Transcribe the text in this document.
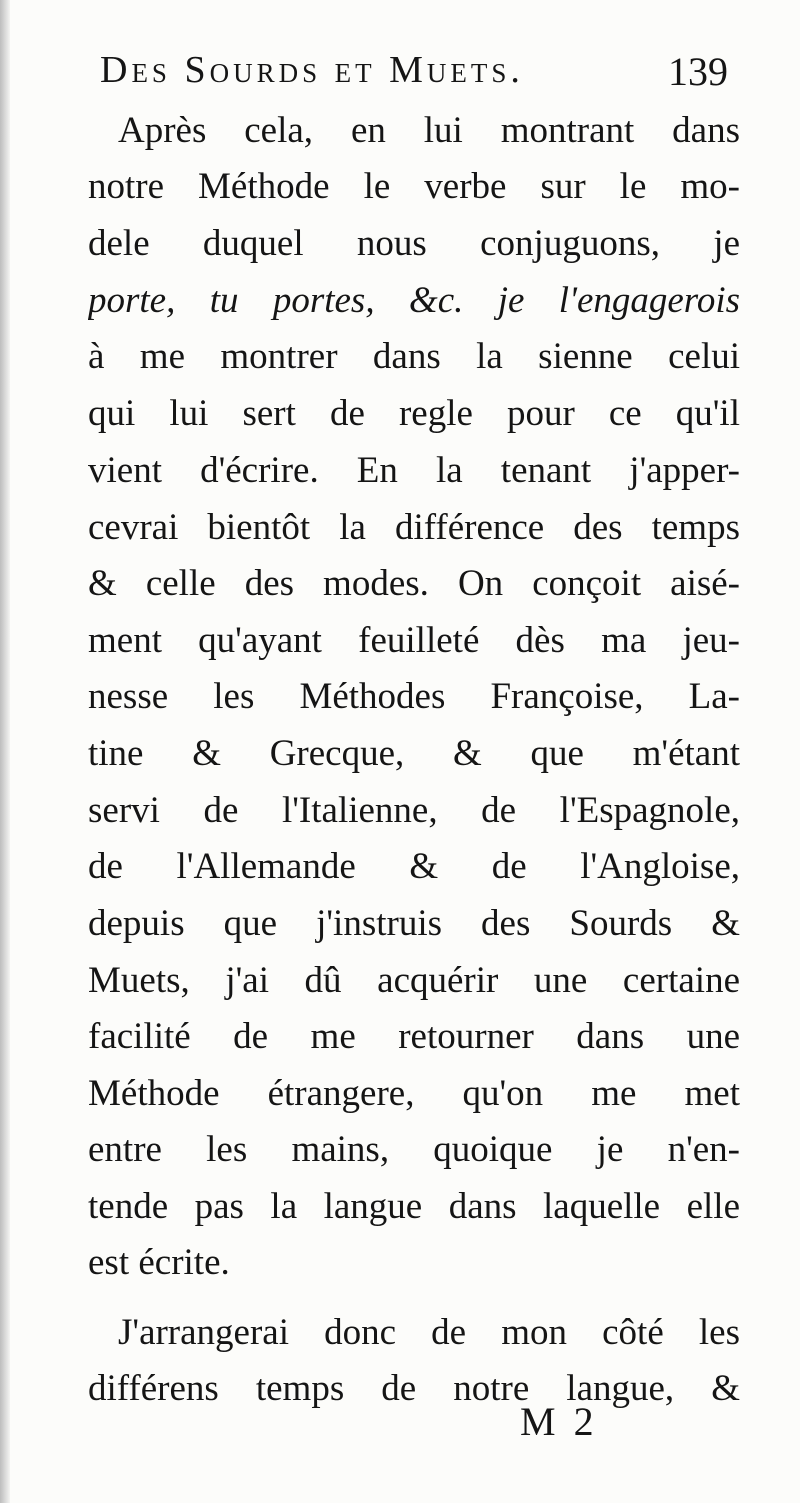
Des Sourds et Muets.	139
Après cela, en lui montrant dans
notre Méthode le verbe sur le mo-
dele duquel nous conjuguons, je
porte, tu portes, &c. je l'engagerois
à me montrer dans la sienne celui
qui lui sert de regle pour ce qu'il
vient d'écrire. En la tenant j'apper-
cevrai bientôt la différence des temps
& celle des modes. On conçoit aisé-
ment qu'ayant feuilleté dès ma jeu-
nesse les Méthodes Françoise, La-
tine & Grecque, & que m'étant
servi de l'Italienne, de l'Espagnole,
de l'Allemande & de l'Angloise,
depuis que j'instruis des Sourds &
Muets, j'ai dû acquérir une certaine
facilité de me retourner dans une
Méthode étrangere, qu'on me met
entre les mains, quoique je n'en-
tende pas la langue dans laquelle elle
est écrite.
J'arrangerai donc de mon côté les
différens temps de notre langue, &
M 2
